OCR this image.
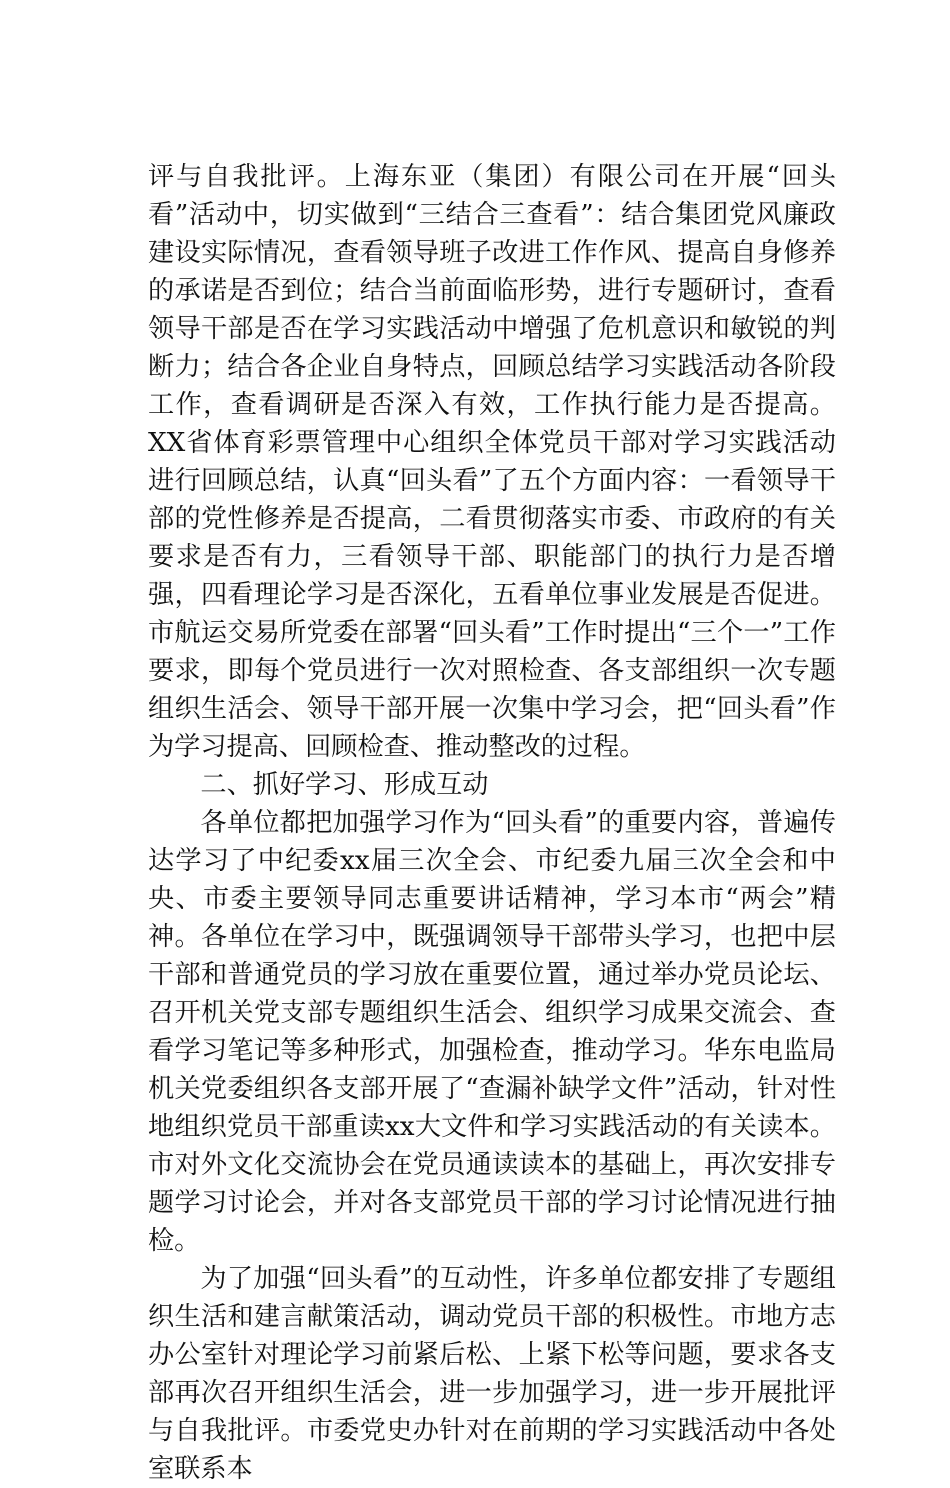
评与自我批评。上海东亚（集团）有限公司在开展“回头看”活动中，切实做到“三结合三查看”：结合集团党风廉政建设实际情况，查看领导班子改进工作作风、提高自身修养的承诺是否到位；结合当前面临形势，进行专题研讨，查看领导干部是否在学习实践活动中增强了危机意识和敏锐的判断力；结合各企业自身特点，回顾总结学习实践活动各阶段工作，查看调研是否深入有效，工作执行能力是否提高。XX省体育彩票管理中心组织全体党员干部对学习实践活动进行回顾总结，认真“回头看”了五个方面内容：一看领导干部的党性修养是否提高，二看贯彻落实市委、市政府的有关要求是否有力，三看领导干部、职能部门的执行力是否增强，四看理论学习是否深化，五看单位事业发展是否促进。市航运交易所党委在部署“回头看”工作时提出“三个一”工作要求，即每个党员进行一次对照检查、各支部组织一次专题组织生活会、领导干部开展一次集中学习会，把“回头看”作为学习提高、回顾检查、推动整改的过程。

二、抓好学习、形成互动

各单位都把加强学习作为“回头看”的重要内容，普遍传达学习了中纪委xx届三次全会、市纪委九届三次全会和中央、市委主要领导同志重要讲话精神，学习本市“两会”精神。各单位在学习中，既强调领导干部带头学习，也把中层干部和普通党员的学习放在重要位置，通过举办党员论坛、召开机关党支部专题组织生活会、组织学习成果交流会、查看学习笔记等多种形式，加强检查，推动学习。华东电监局机关党委组织各支部开展了“查漏补缺学文件”活动，针对性地组织党员干部重读xx大文件和学习实践活动的有关读本。市对外文化交流协会在党员通读读本的基础上，再次安排专题学习讨论会，并对各支部党员干部的学习讨论情况进行抽检。

为了加强“回头看”的互动性，许多单位都安排了专题组织生活和建言献策活动，调动党员干部的积极性。市地方志办公室针对理论学习前紧后松、上紧下松等问题，要求各支部再次召开组织生活会，进一步加强学习，进一步开展批评与自我批评。市委党史办针对在前期的学习实践活动中各处室联系本
